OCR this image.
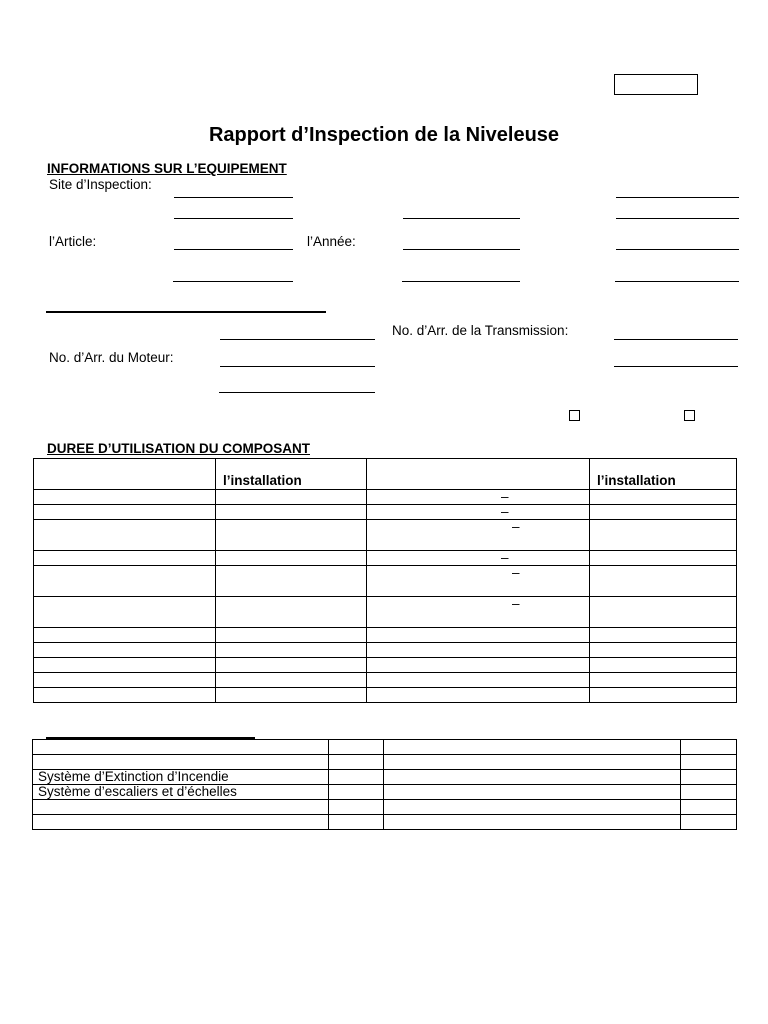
Rapport d’Inspection de la Niveleuse
INFORMATIONS SUR L’EQUIPEMENT
Site d’Inspection:
l’Article:	l’Année:
No. d’Arr. de la Transmission:
No. d’Arr. du Moteur:
DUREE D’UTILISATION DU COMPOSANT
	l’installation		l’installation

		–	

		–	

		–	

		–	

		–	

		–	

Système d’Extinction d’Incendie			
Système d’escaliers et d’échelles			
